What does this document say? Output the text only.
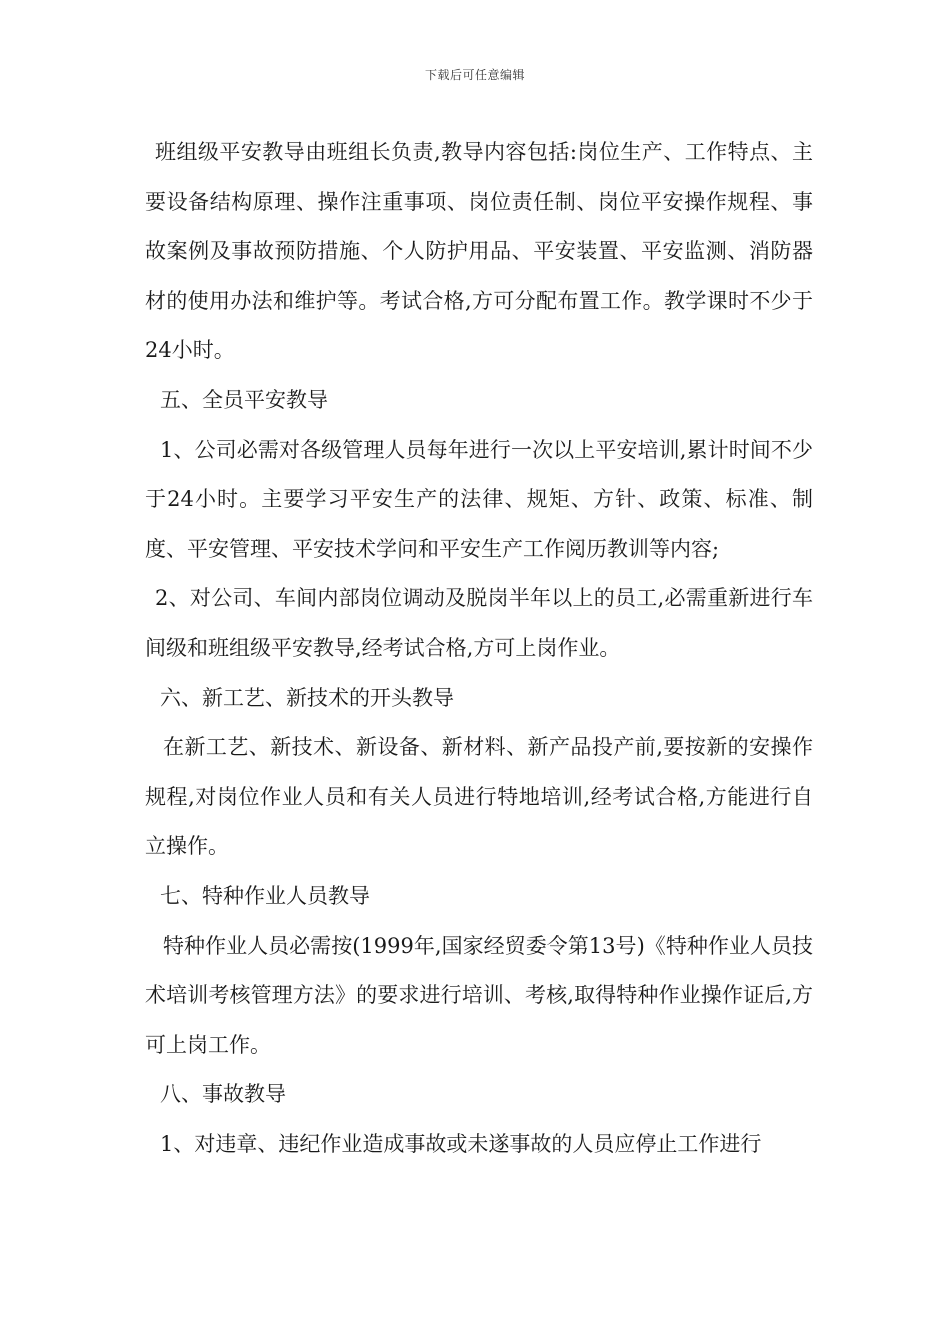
下载后可任意编辑

班组级平安教导由班组长负责,教导内容包括:岗位生产、工作特点、主要设备结构原理、操作注重事项、岗位责任制、岗位平安操作规程、事故案例及事故预防措施、个人防护用品、平安装置、平安监测、消防器材的使用办法和维护等。考试合格,方可分配布置工作。教学课时不少于24小时。

五、全员平安教导

1、公司必需对各级管理人员每年进行一次以上平安培训,累计时间不少于24小时。主要学习平安生产的法律、规矩、方针、政策、标准、制度、平安管理、平安技术学问和平安生产工作阅历教训等内容;

2、对公司、车间内部岗位调动及脱岗半年以上的员工,必需重新进行车间级和班组级平安教导,经考试合格,方可上岗作业。

六、新工艺、新技术的开头教导

在新工艺、新技术、新设备、新材料、新产品投产前,要按新的安操作规程,对岗位作业人员和有关人员进行特地培训,经考试合格,方能进行自立操作。

七、特种作业人员教导

特种作业人员必需按(1999年,国家经贸委令第13号)《特种作业人员技术培训考核管理方法》的要求进行培训、考核,取得特种作业操作证后,方可上岗工作。

八、事故教导

1、对违章、违纪作业造成事故或未遂事故的人员应停止工作进行
